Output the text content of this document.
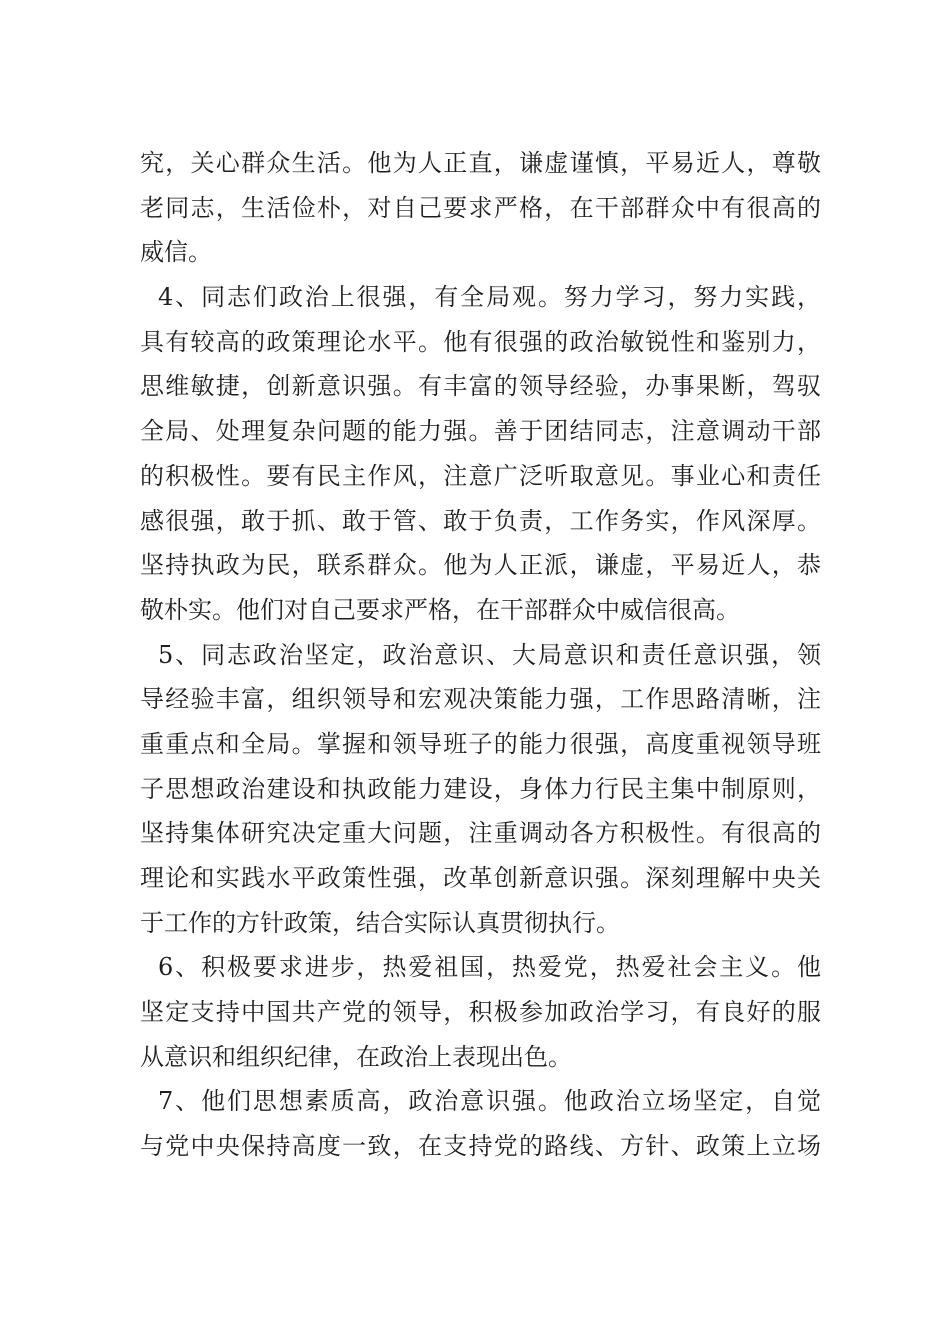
究，关心群众生活。他为人正直，谦虚谨慎，平易近人，尊敬
老同志，生活俭朴，对自己要求严格，在干部群众中有很高的
威信。
4、同志们政治上很强，有全局观。努力学习，努力实践，
具有较高的政策理论水平。他有很强的政治敏锐性和鉴别力，
思维敏捷，创新意识强。有丰富的领导经验，办事果断，驾驭
全局、处理复杂问题的能力强。善于团结同志，注意调动干部
的积极性。要有民主作风，注意广泛听取意见。事业心和责任
感很强，敢于抓、敢于管、敢于负责，工作务实，作风深厚。
坚持执政为民，联系群众。他为人正派，谦虚，平易近人，恭
敬朴实。他们对自己要求严格，在干部群众中威信很高。
5、同志政治坚定，政治意识、大局意识和责任意识强，领
导经验丰富，组织领导和宏观决策能力强，工作思路清晰，注
重重点和全局。掌握和领导班子的能力很强，高度重视领导班
子思想政治建设和执政能力建设，身体力行民主集中制原则，
坚持集体研究决定重大问题，注重调动各方积极性。有很高的
理论和实践水平政策性强，改革创新意识强。深刻理解中央关
于工作的方针政策，结合实际认真贯彻执行。
6、积极要求进步，热爱祖国，热爱党，热爱社会主义。他
坚定支持中国共产党的领导，积极参加政治学习，有良好的服
从意识和组织纪律，在政治上表现出色。
7、他们思想素质高，政治意识强。他政治立场坚定，自觉
与党中央保持高度一致，在支持党的路线、方针、政策上立场
